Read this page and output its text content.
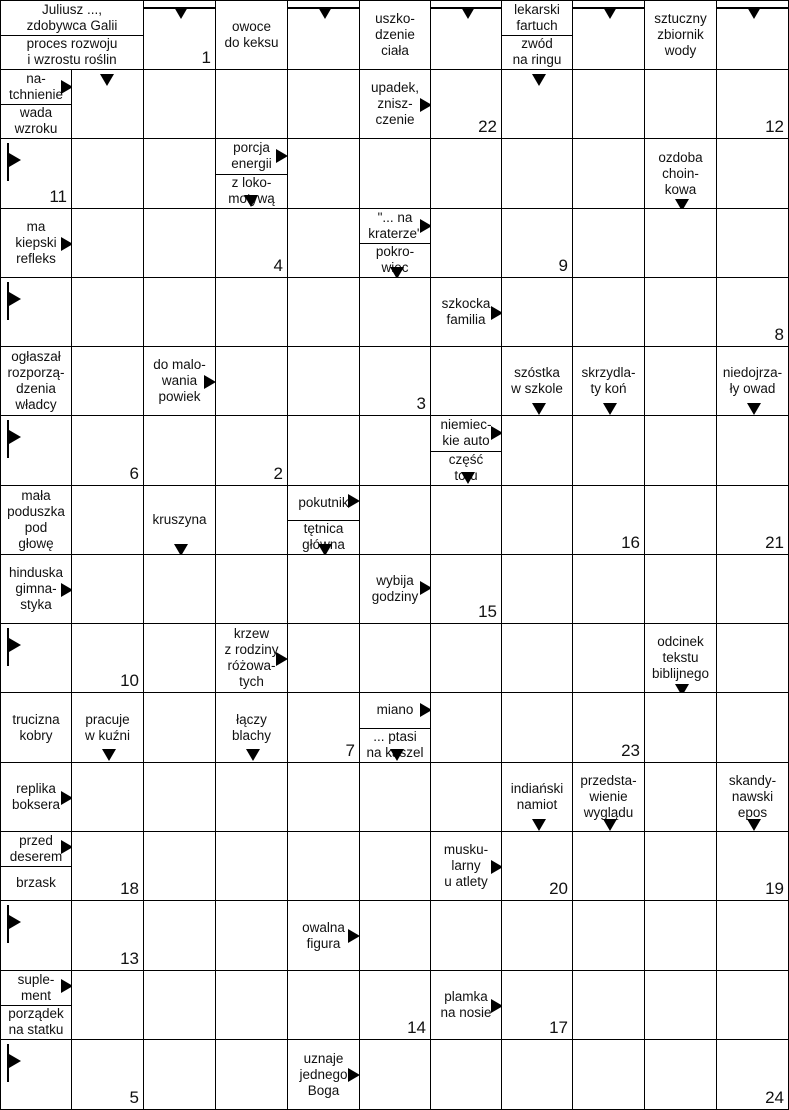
Juliusz ...,
zdobywca Galii
proces rozwoju
i wzrostu roślin	1
owoce
do keksu
uszko-
dzenie
ciała
lekarski
fartuch
zwód
na ringu
sztuczny
zbiornik
wody
na-
tchnienie
wada
wzroku
upadek,
znisz-
czenie	22	12
11
porcja
energii
z loko-
motywą
ozdoba
choin-
kowa
ma
kiepski
refleks	4
"... na
kraterze"
pokro-
wiec	9
szkocka
familia
8
ogłaszał
rozporzą-
dzenia
władcy
do malo-
wania
powiek	3
szóstka
w szkole
skrzydla-
ty koń
niedojrza-
ły owad
6	2
niemiec-
kie auto
część
toru
mała
poduszka
pod
głowę
kruszyna
pokutnik
tętnica
główna	16	21
hinduska
gimna-
styka
wybija
godziny
15
10
krzew
z rodziny
różowa-
tych
odcinek
tekstu
biblijnego
trucizna
kobry
pracuje
w kuźni
łączy
blachy
7
miano
... ptasi
na kaszel	23
replika
boksera
indiański
namiot
przedsta-
wienie
wyglądu
skandy-
nawski
epos
przed
deserem
brzask	18
musku-
larny
u atlety	20	19
13
owalna
figura
suple-
ment
porządek
na statku	14
plamka
na nosie
17
5
uznaje
jednego
Boga	24
